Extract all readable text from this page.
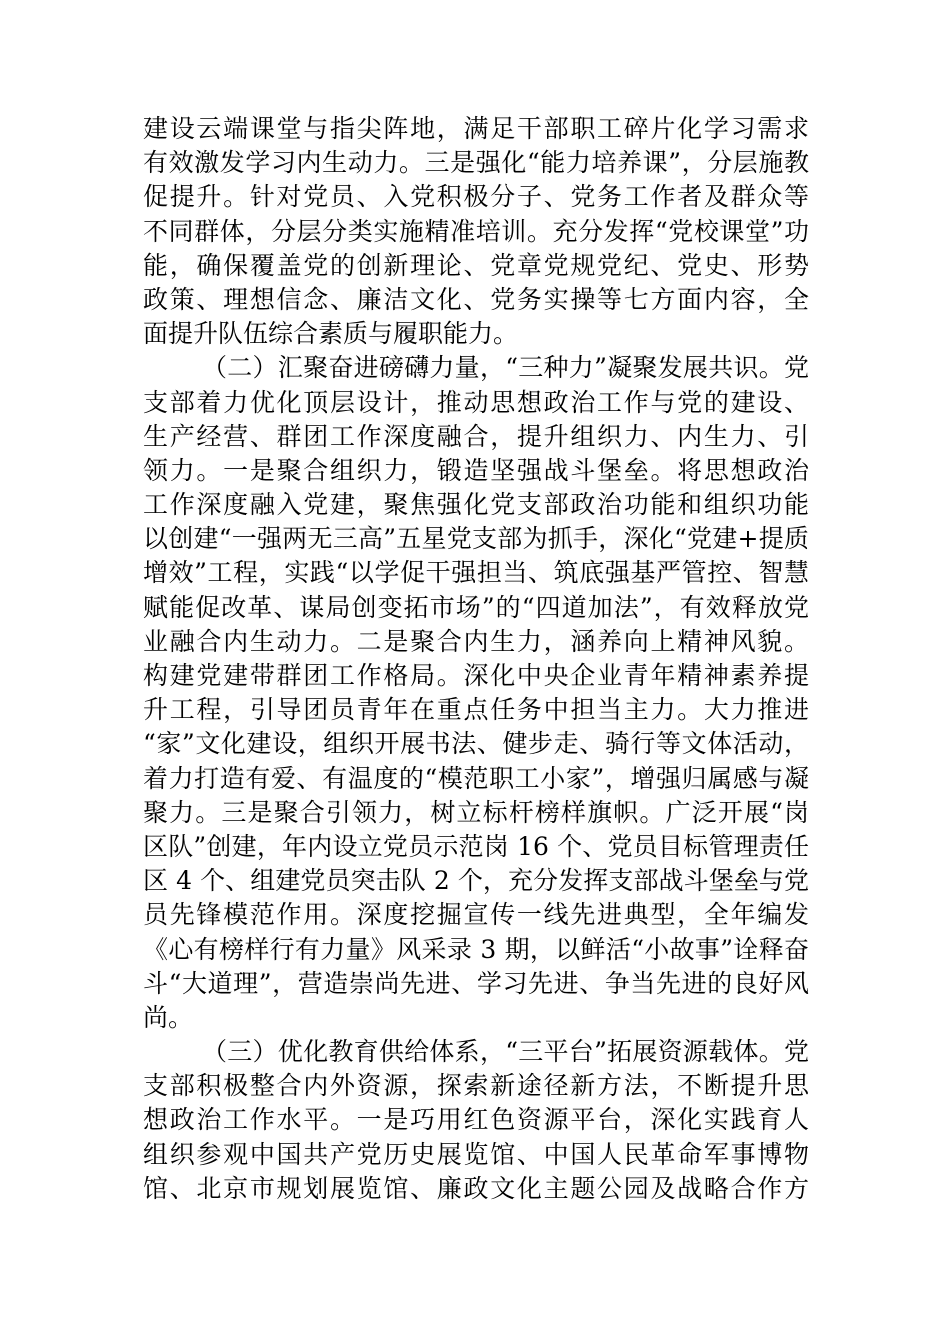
建设云端课堂与指尖阵地，满足干部职工碎片化学习需求
有效激发学习内生动力。三是强化“能力培养课”，分层施教
促提升。针对党员、入党积极分子、党务工作者及群众等
不同群体，分层分类实施精准培训。充分发挥“党校课堂”功
能，确保覆盖党的创新理论、党章党规党纪、党史、形势
政策、理想信念、廉洁文化、党务实操等七方面内容，全
面提升队伍综合素质与履职能力。
（二）汇聚奋进磅礴力量，“三种力”凝聚发展共识。党
支部着力优化顶层设计，推动思想政治工作与党的建设、
生产经营、群团工作深度融合，提升组织力、内生力、引
领力。一是聚合组织力，锻造坚强战斗堡垒。将思想政治
工作深度融入党建，聚焦强化党支部政治功能和组织功能
以创建“一强两无三高”五星党支部为抓手，深化“党建+提质
增效”工程，实践“以学促干强担当、筑底强基严管控、智慧
赋能促改革、谋局创变拓市场”的“四道加法”，有效释放党
业融合内生动力。二是聚合内生力，涵养向上精神风貌。
构建党建带群团工作格局。深化中央企业青年精神素养提
升工程，引导团员青年在重点任务中担当主力。大力推进
“家”文化建设，组织开展书法、健步走、骑行等文体活动，
着力打造有爱、有温度的“模范职工小家”，增强归属感与凝
聚力。三是聚合引领力，树立标杆榜样旗帜。广泛开展“岗
区队”创建，年内设立党员示范岗 16 个、党员目标管理责任
区 4 个、组建党员突击队 2 个，充分发挥支部战斗堡垒与党
员先锋模范作用。深度挖掘宣传一线先进典型，全年编发
《心有榜样行有力量》风采录 3 期，以鲜活“小故事”诠释奋
斗“大道理”，营造崇尚先进、学习先进、争当先进的良好风
尚。
（三）优化教育供给体系，“三平台”拓展资源载体。党
支部积极整合内外资源，探索新途径新方法，不断提升思
想政治工作水平。一是巧用红色资源平台，深化实践育人
组织参观中国共产党历史展览馆、中国人民革命军事博物
馆、北京市规划展览馆、廉政文化主题公园及战略合作方
